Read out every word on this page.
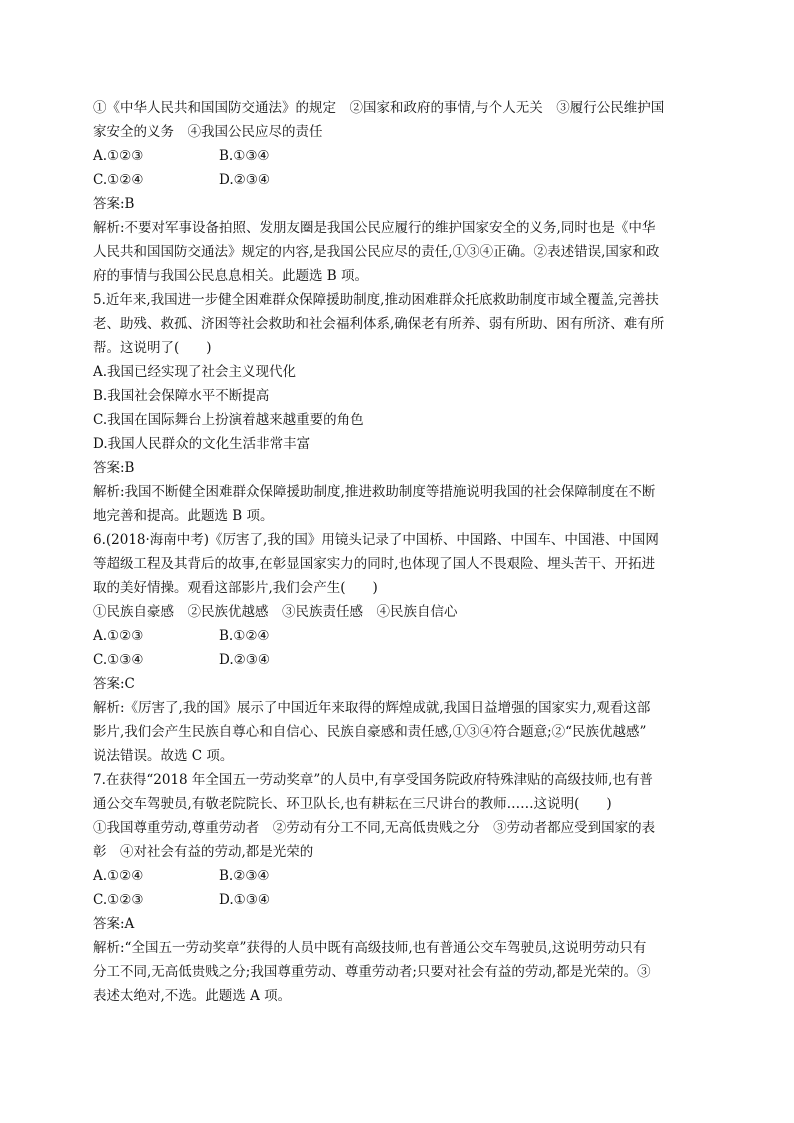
①《中华人民共和国国防交通法》的规定　②国家和政府的事情,与个人无关　③履行公民维护国
家安全的义务　④我国公民应尽的责任
A.①②③	B.①③④
C.①②④	D.②③④
答案:B
解析:不要对军事设备拍照、发朋友圈是我国公民应履行的维护国家安全的义务,同时也是《中华
人民共和国国防交通法》规定的内容,是我国公民应尽的责任,①③④正确。②表述错误,国家和政
府的事情与我国公民息息相关。此题选 B 项。
5.近年来,我国进一步健全困难群众保障援助制度,推动困难群众托底救助制度市域全覆盖,完善扶
老、助残、救孤、济困等社会救助和社会福利体系,确保老有所养、弱有所助、困有所济、难有所
帮。这说明了(　　)
A.我国已经实现了社会主义现代化
B.我国社会保障水平不断提高
C.我国在国际舞台上扮演着越来越重要的角色
D.我国人民群众的文化生活非常丰富
答案:B
解析:我国不断健全困难群众保障援助制度,推进救助制度等措施说明我国的社会保障制度在不断
地完善和提高。此题选 B 项。
6.(2018·海南中考)《厉害了,我的国》用镜头记录了中国桥、中国路、中国车、中国港、中国网
等超级工程及其背后的故事,在彰显国家实力的同时,也体现了国人不畏艰险、埋头苦干、开拓进
取的美好情操。观看这部影片,我们会产生(　　)
①民族自豪感　②民族优越感　③民族责任感　④民族自信心
A.①②③	B.①②④
C.①③④	D.②③④
答案:C
解析:《厉害了,我的国》展示了中国近年来取得的辉煌成就,我国日益增强的国家实力,观看这部
影片,我们会产生民族自尊心和自信心、民族自豪感和责任感,①③④符合题意;②“民族优越感”
说法错误。故选 C 项。
7.在获得“2018 年全国五一劳动奖章”的人员中,有享受国务院政府特殊津贴的高级技师,也有普
通公交车驾驶员,有敬老院院长、环卫队长,也有耕耘在三尺讲台的教师……这说明(　　)
①我国尊重劳动,尊重劳动者　②劳动有分工不同,无高低贵贱之分　③劳动者都应受到国家的表
彰　④对社会有益的劳动,都是光荣的
A.①②④	B.②③④
C.①②③	D.①③④
答案:A
解析:“全国五一劳动奖章”获得的人员中既有高级技师,也有普通公交车驾驶员,这说明劳动只有
分工不同,无高低贵贱之分;我国尊重劳动、尊重劳动者;只要对社会有益的劳动,都是光荣的。③
表述太绝对,不选。此题选 A 项。
